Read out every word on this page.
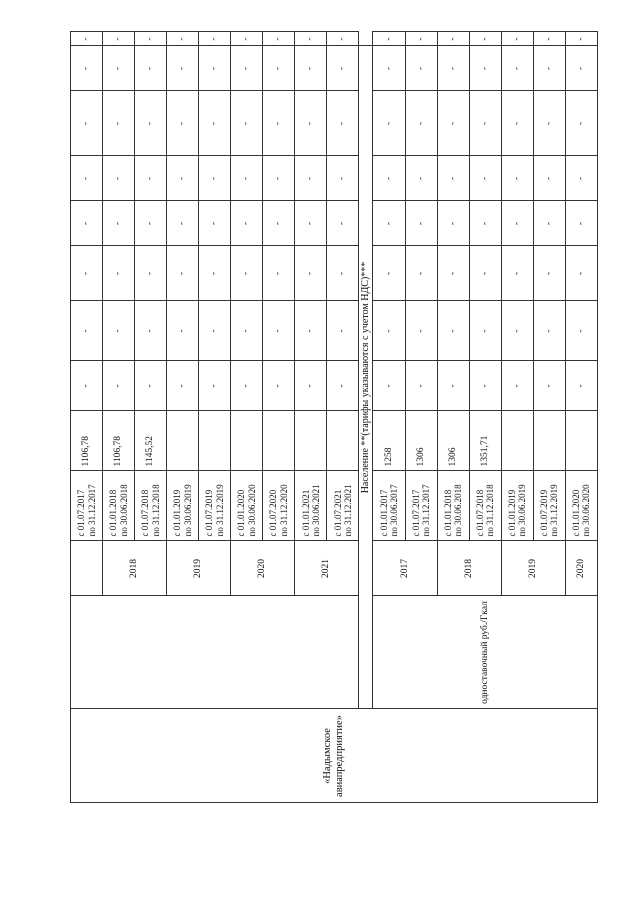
	«Надымское авиапредприятие»			с 01.07.2017 по 31.12.2017	1106,78	-	-	-	-	-	-	-	-	
			2018	с 01.01.2018 по 30.06.2018	1106,78	-	-	-	-	-	-	-	-	

				с 01.07.2018 по 31.12.2018	1145,52	-	-	-	-	-	-	-	-	
			2019	с 01.01.2019 по 30.06.2019		-	-	-	-	-	-	-	-	

				с 01.07.2019 по 31.12.2019		-	-	-	-	-	-	-	-	
			2020	с 01.01.2020 по 30.06.2020		-	-	-	-	-	-	-	-	

				с 01.07.2020 по 31.12.2020		-	-	-	-	-	-	-	-	
			2021	с 01.01.2021 по 30.06.2021		-	-	-	-	-	-	-	-	

				с 01.07.2021 по 31.12.2021		-	-	-	-	-	-	-	-	
		Население **(тарифы указываются с учетом НДС)***												
		одноставочный руб./Гкал	2017	с 01.01.2017 по 30.06.2017	1258	-	-	-	-	-	-	-	-	

				с 01.07.2017 по 31.12.2017	1306	-	-	-	-	-	-	-	-	
			2018	с 01.01.2018 по 30.06.2018	1306	-	-	-	-	-	-	-	-	

				с 01.07.2018 по 31.12.2018	1351,71	-	-	-	-	-	-	-	-	
			2019	с 01.01.2019 по 30.06.2019		-	-	-	-	-	-	-	-	

				с 01.07.2019 по 31.12.2019		-	-	-	-	-	-	-	-	
			2020	с 01.01.2020 по 30.06.2020		-	-	-	-	-	-	-	-	
